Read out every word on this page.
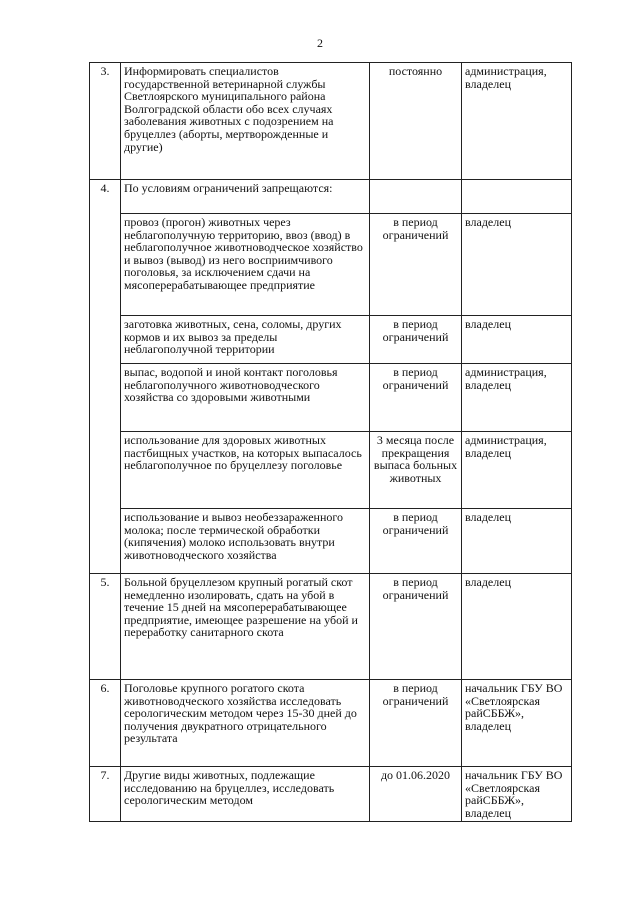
2
3.	Информировать специалистов государственной ветеринарной службы Светлоярского муниципального района Волгоградской области обо всех случаях заболевания животных с подозрением на бруцеллез (аборты, мертворожденные и другие)	постоянно	администрация, владелец
4.	По условиям ограничений запрещаются:		
	провоз (прогон) животных через неблагополучную территорию, ввоз (ввод) в неблагополучное животноводческое хозяйство и вывоз (вывод) из него восприимчивого поголовья, за исключением сдачи на мясоперерабатывающее предприятие	в период ограничений	владелец
	заготовка животных, сена, соломы, других кормов и их вывоз за пределы неблагополучной территории	в период ограничений	владелец
	выпас, водопой и иной контакт поголовья неблагополучного животноводческого хозяйства со здоровыми животными	в период ограничений	администрация, владелец
	использование для здоровых животных пастбищных участков, на которых выпасалось неблагополучное по бруцеллезу поголовье	3 месяца после прекращения выпаса больных животных	администрация, владелец
	использование и вывоз необеззараженного молока; после термической обработки (кипячения) молоко использовать внутри животноводческого хозяйства	в период ограничений	владелец
5.	Больной бруцеллезом крупный рогатый скот немедленно изолировать, сдать на убой в течение 15 дней на мясоперерабатывающее предприятие, имеющее разрешение на убой и переработку санитарного скота	в период ограничений	владелец
6.	Поголовье крупного рогатого скота животноводческого хозяйства исследовать серологическим методом через 15-30 дней до получения двукратного отрицательного результата	в период ограничений	начальник ГБУ ВО «Светлоярская райСББЖ», владелец
7.	Другие виды животных, подлежащие исследованию на бруцеллез, исследовать серологическим методом	до 01.06.2020	начальник ГБУ ВО «Светлоярская райСББЖ», владелец
